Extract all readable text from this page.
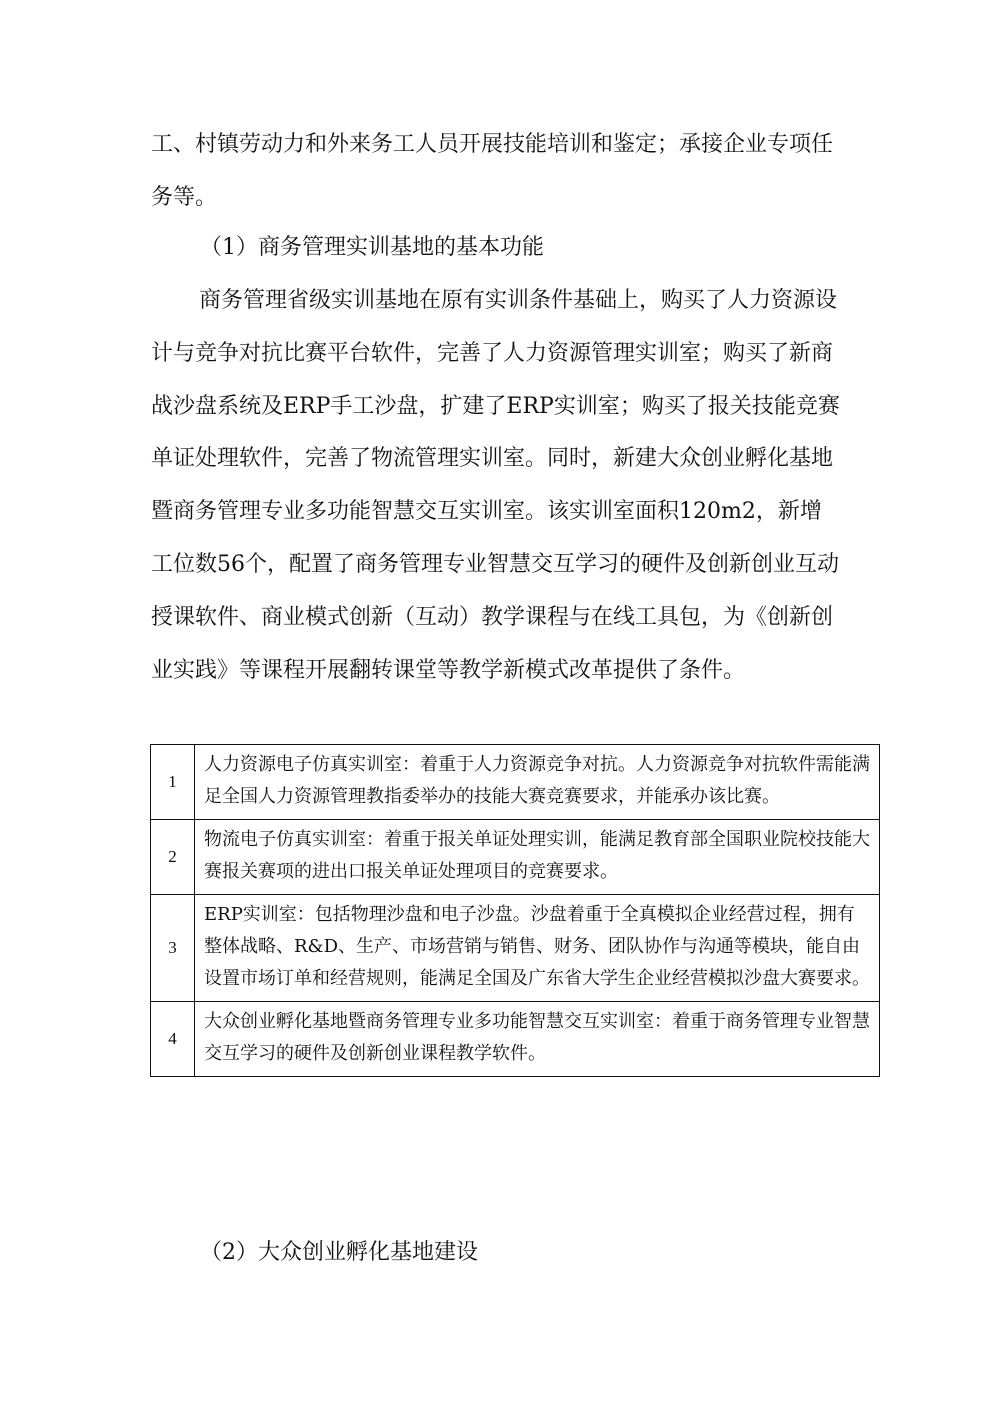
工、村镇劳动力和外来务工人员开展技能培训和鉴定；承接企业专项任务等。

（1）商务管理实训基地的基本功能

商务管理省级实训基地在原有实训条件基础上，购买了人力资源设计与竞争对抗比赛平台软件，完善了人力资源管理实训室；购买了新商战沙盘系统及ERP手工沙盘，扩建了ERP实训室；购买了报关技能竞赛单证处理软件，完善了物流管理实训室。同时，新建大众创业孵化基地暨商务管理专业多功能智慧交互实训室。该实训室面积120m2，新增工位数56个，配置了商务管理专业智慧交互学习的硬件及创新创业互动授课软件、商业模式创新（互动）教学课程与在线工具包，为《创新创业实践》等课程开展翻转课堂等教学新模式改革提供了条件。

1	人力资源电子仿真实训室：着重于人力资源竞争对抗。人力资源竞争对抗软件需能满足全国人力资源管理教指委举办的技能大赛竞赛要求，并能承办该比赛。
2	物流电子仿真实训室：着重于报关单证处理实训，能满足教育部全国职业院校技能大赛报关赛项的进出口报关单证处理项目的竞赛要求。
3	ERP实训室：包括物理沙盘和电子沙盘。沙盘着重于全真模拟企业经营过程，拥有整体战略、R&D、生产、市场营销与销售、财务、团队协作与沟通等模块，能自由设置市场订单和经营规则，能满足全国及广东省大学生企业经营模拟沙盘大赛要求。
4	大众创业孵化基地暨商务管理专业多功能智慧交互实训室：着重于商务管理专业智慧交互学习的硬件及创新创业课程教学软件。

（2）大众创业孵化基地建设
